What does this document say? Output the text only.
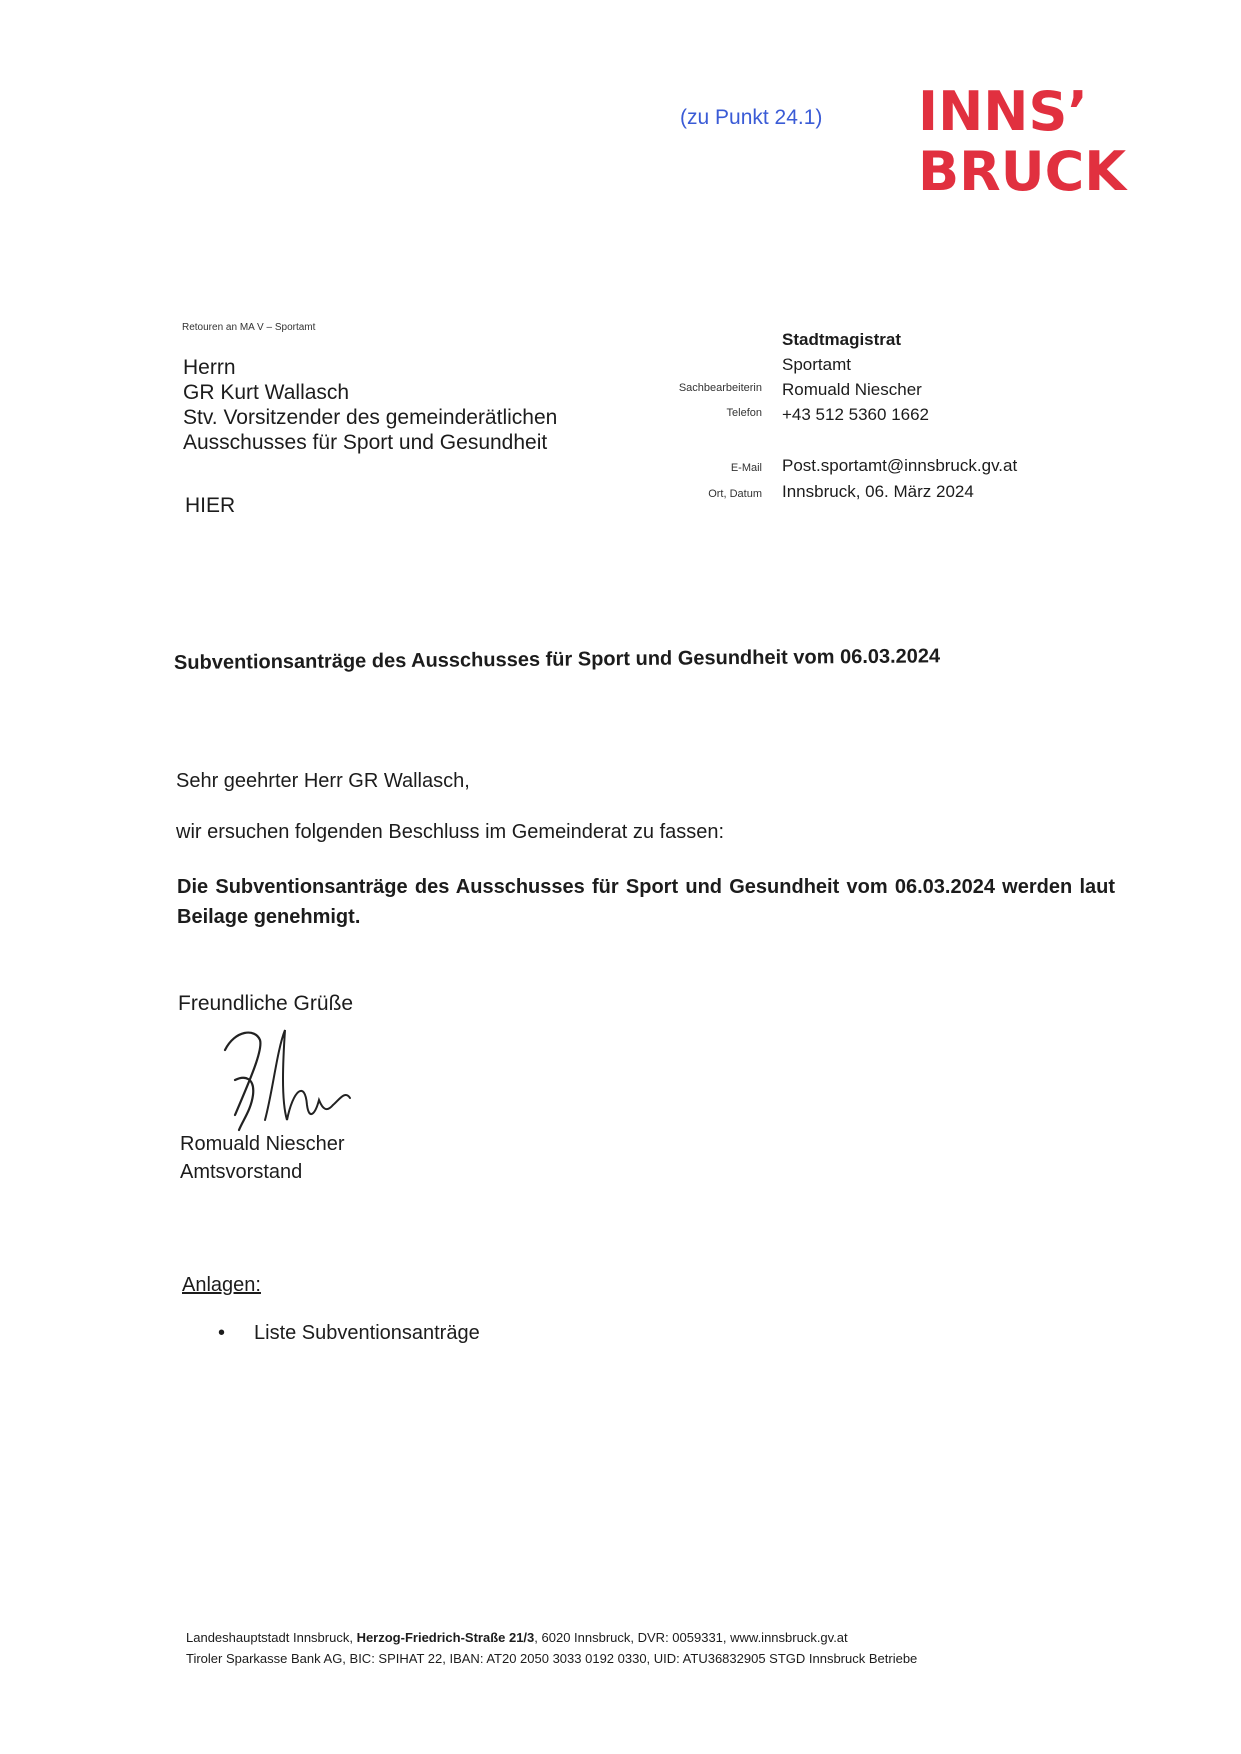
(zu Punkt 24.1) INNS’
BRUCK
Retouren an MA V – Sportamt
Herrn
GR Kurt Wallasch
Stv. Vorsitzender des gemeinderätlichen
Ausschusses für Sport und Gesundheit
HIER
Sachbearbeiterin
Telefon
E-Mail
Ort, Datum
Stadtmagistrat
Sportamt
Romuald Niescher
+43 512 5360 1662
Post.sportamt@innsbruck.gv.at
Innsbruck, 06. März 2024
Subventionsanträge des Ausschusses für Sport und Gesundheit vom 06.03.2024
Sehr geehrter Herr GR Wallasch,
wir ersuchen folgenden Beschluss im Gemeinderat zu fassen:
Die Subventionsanträge des Ausschusses für Sport und Gesundheit vom 06.03.2024 werden laut Beilage genehmigt.
Freundliche Grüße
Romuald Niescher
Amtsvorstand
Anlagen:
• Liste Subventionsanträge
Landeshauptstadt Innsbruck, Herzog-Friedrich-Straße 21/3, 6020 Innsbruck, DVR: 0059331, www.innsbruck.gv.at
Tiroler Sparkasse Bank AG, BIC: SPIHAT 22, IBAN: AT20 2050 3033 0192 0330, UID: ATU36832905 STGD Innsbruck Betriebe
